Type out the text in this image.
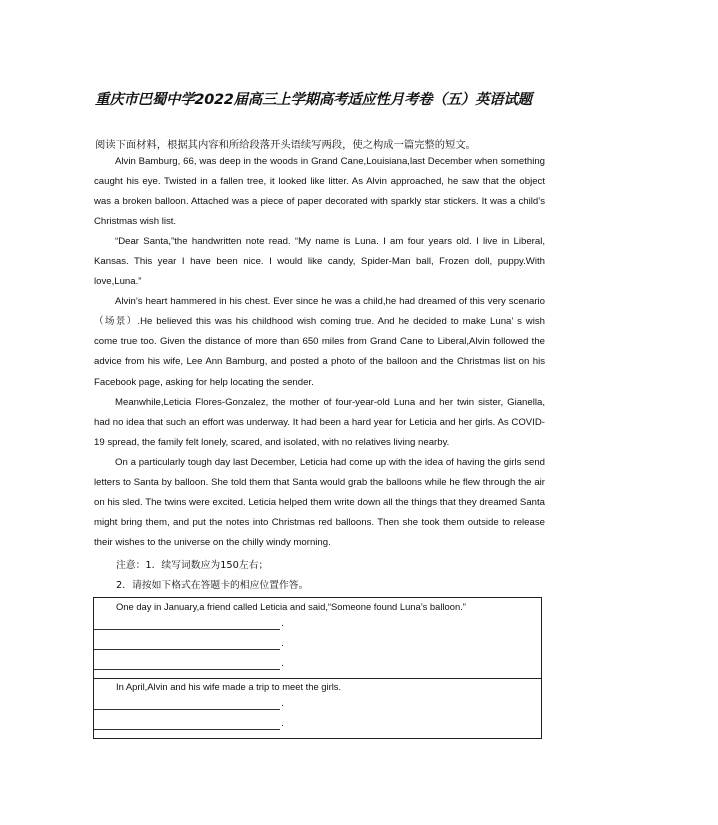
重庆市巴蜀中学2022届高三上学期高考适应性月考卷（五）英语试题
阅读下面材料，根据其内容和所给段落开头语续写两段，使之构成一篇完整的短文。

Alvin Bamburg, 66, was deep in the woods in Grand Cane,Louisiana,last December when something caught his eye. Twisted in a fallen tree, it looked like litter. As Alvin approached, he saw that the object was a broken balloon. Attached was a piece of paper decorated with sparkly star stickers. It was a child’s Christmas wish list.

“Dear Santa,”the handwritten note read. “My name is Luna. I am four years old. I live in Liberal, Kansas. This year I have been nice. I would like candy, Spider-Man ball, Frozen doll, puppy.With love,Luna.”

Alvin’s heart hammered in his chest. Ever since he was a child,he had dreamed of this very scenario（场景）.He believed this was his childhood wish coming true. And he decided to make Luna’ s wish come true too. Given the distance of more than 650 miles from Grand Cane to Liberal,Alvin followed the advice from his wife, Lee Ann Bamburg, and posted a photo of the balloon and the Christmas list on his Facebook page, asking for help locating the sender.

Meanwhile,Leticia Flores-Gonzalez, the mother of four-year-old Luna and her twin sister, Gianella, had no idea that such an effort was underway. It had been a hard year for Leticia and her girls. As COVID-19 spread, the family felt lonely, scared, and isolated, with no relatives living nearby.

On a particularly tough day last December, Leticia had come up with the idea of having the girls send letters to Santa by balloon. She told them that Santa would grab the balloons while he flew through the air on his sled. The twins were excited. Leticia helped them write down all the things that they dreamed Santa might bring them, and put the notes into Christmas red balloons. Then she took them outside to release their wishes to the universe on the chilly windy morning.

注意：1．续写词数应为150左右；
2．请按如下格式在答题卡的相应位置作答。
One day in January,a friend called Leticia and said,“Someone found Luna’s balloon.”
.
.
.
In April,Alvin and his wife made a trip to meet the girls.
.
.
